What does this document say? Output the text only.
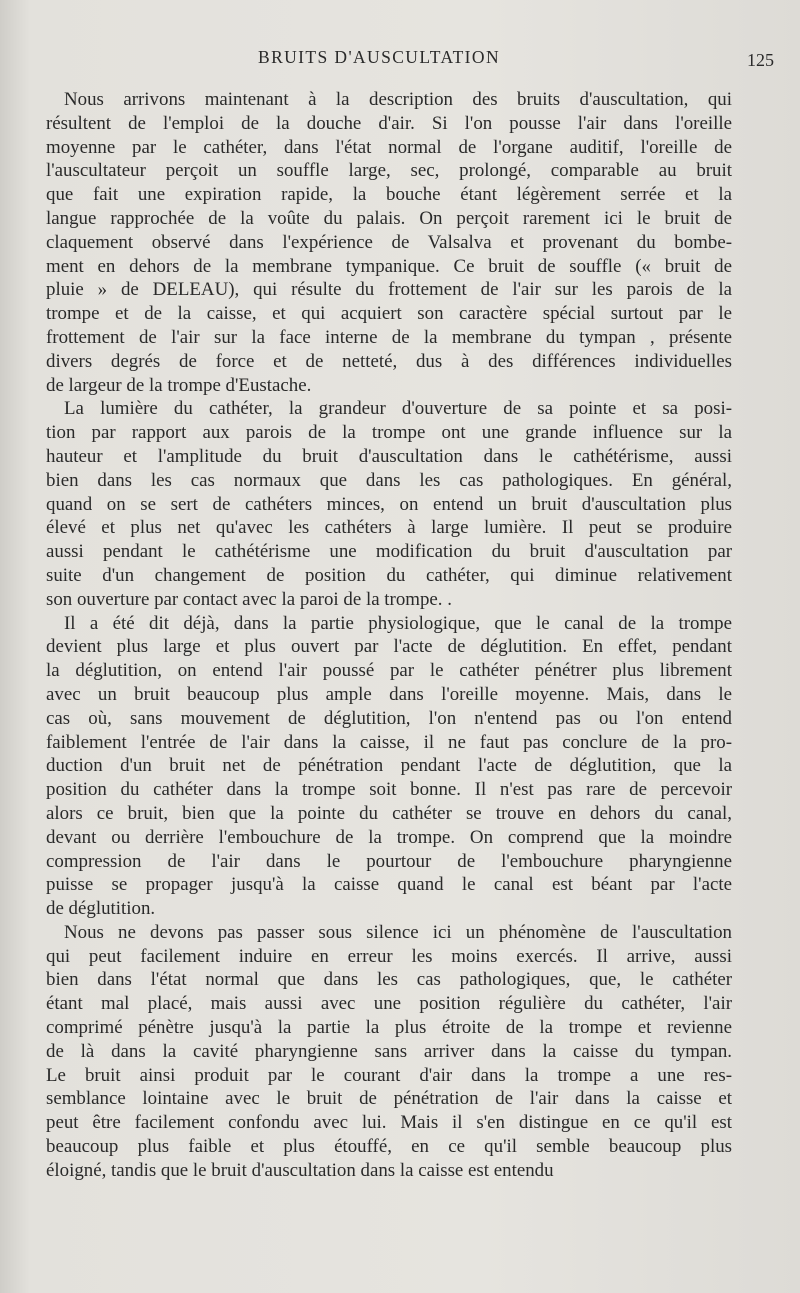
BRUITS D'AUSCULTATION	125
Nous arrivons maintenant à la description des bruits d'auscultation, qui
résultent de l'emploi de la douche d'air. Si l'on pousse l'air dans l'oreille
moyenne par le cathéter, dans l'état normal de l'organe auditif, l'oreille de
l'auscultateur perçoit un souffle large, sec, prolongé, comparable au bruit
que fait une expiration rapide, la bouche étant légèrement serrée et la
langue rapprochée de la voûte du palais. On perçoit rarement ici le bruit de
claquement observé dans l'expérience de Valsalva et provenant du bombe-
ment en dehors de la membrane tympanique. Ce bruit de souffle (« bruit de
pluie » de DELEAU), qui résulte du frottement de l'air sur les parois de la
trompe et de la caisse, et qui acquiert son caractère spécial surtout par le
frottement de l'air sur la face interne de la membrane du tympan , présente
divers degrés de force et de netteté, dus à des différences individuelles
de largeur de la trompe d'Eustache.
La lumière du cathéter, la grandeur d'ouverture de sa pointe et sa posi-
tion par rapport aux parois de la trompe ont une grande influence sur la
hauteur et l'amplitude du bruit d'auscultation dans le cathétérisme, aussi
bien dans les cas normaux que dans les cas pathologiques. En général,
quand on se sert de cathéters minces, on entend un bruit d'auscultation plus
élevé et plus net qu'avec les cathéters à large lumière. Il peut se produire
aussi pendant le cathétérisme une modification du bruit d'auscultation par
suite d'un changement de position du cathéter, qui diminue relativement
son ouverture par contact avec la paroi de la trompe. .
Il a été dit déjà, dans la partie physiologique, que le canal de la trompe
devient plus large et plus ouvert par l'acte de déglutition. En effet, pendant
la déglutition, on entend l'air poussé par le cathéter pénétrer plus librement
avec un bruit beaucoup plus ample dans l'oreille moyenne. Mais, dans le
cas où, sans mouvement de déglutition, l'on n'entend pas ou l'on entend
faiblement l'entrée de l'air dans la caisse, il ne faut pas conclure de la pro-
duction d'un bruit net de pénétration pendant l'acte de déglutition, que la
position du cathéter dans la trompe soit bonne. Il n'est pas rare de percevoir
alors ce bruit, bien que la pointe du cathéter se trouve en dehors du canal,
devant ou derrière l'embouchure de la trompe. On comprend que la moindre
compression de l'air dans le pourtour de l'embouchure pharyngienne
puisse se propager jusqu'à la caisse quand le canal est béant par l'acte
de déglutition.
Nous ne devons pas passer sous silence ici un phénomène de l'auscultation
qui peut facilement induire en erreur les moins exercés. Il arrive, aussi
bien dans l'état normal que dans les cas pathologiques, que, le cathéter
étant mal placé, mais aussi avec une position régulière du cathéter, l'air
comprimé pénètre jusqu'à la partie la plus étroite de la trompe et revienne
de là dans la cavité pharyngienne sans arriver dans la caisse du tympan.
Le bruit ainsi produit par le courant d'air dans la trompe a une res-
semblance lointaine avec le bruit de pénétration de l'air dans la caisse et
peut être facilement confondu avec lui. Mais il s'en distingue en ce qu'il est
beaucoup plus faible et plus étouffé, en ce qu'il semble beaucoup plus
éloigné, tandis que le bruit d'auscultation dans la caisse est entendu
